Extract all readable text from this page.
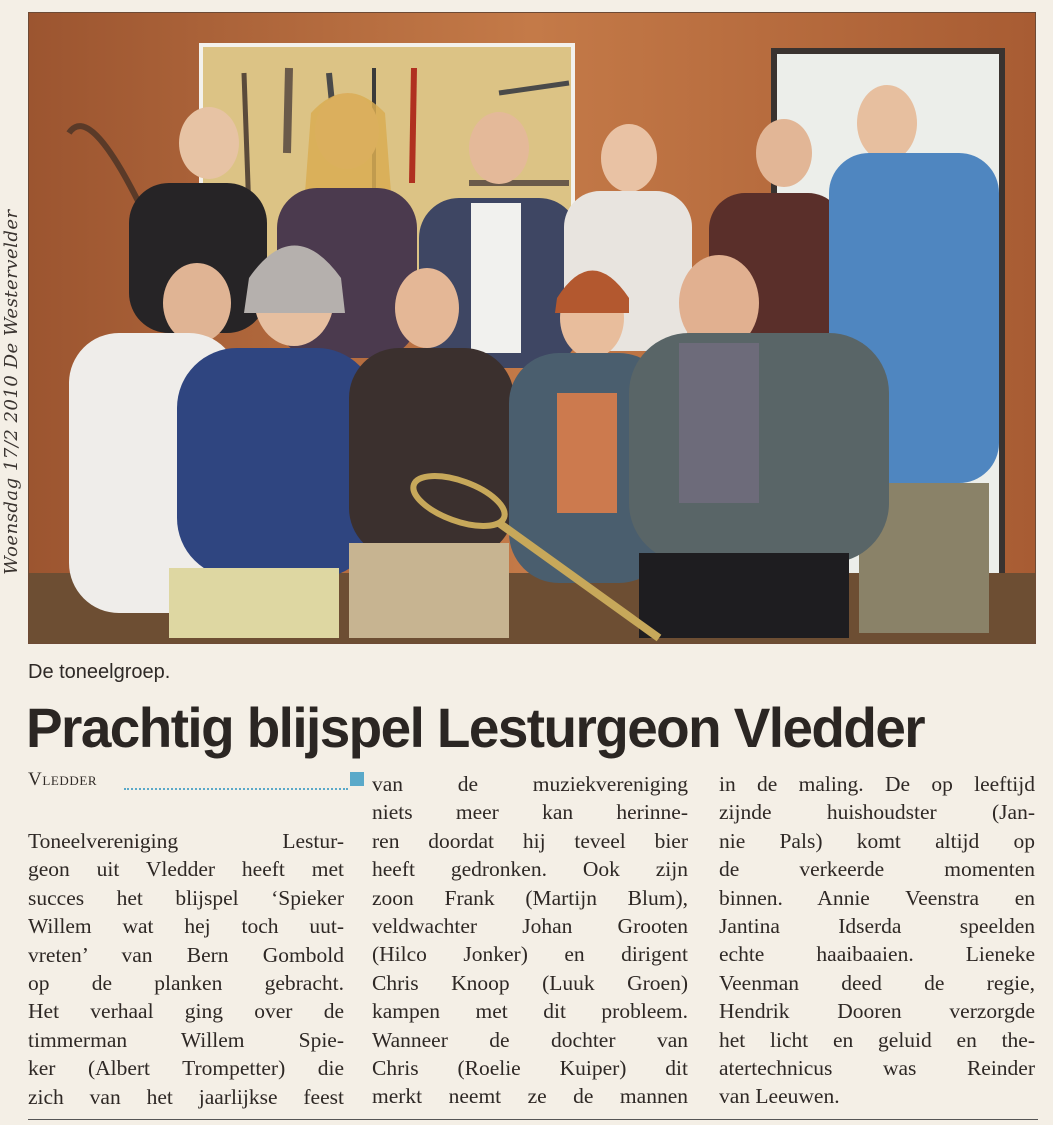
Woensdag 17/2 2010 De Westervelder
De toneelgroep.
Prachtig blijspel Lesturgeon Vledder
Vledder
Toneelvereniging Lestur-
geon uit Vledder heeft met
succes het blijspel ‘Spieker
Willem wat hej toch uut-
vreten’ van Bern Gombold
op de planken gebracht.
Het verhaal ging over de
timmerman Willem Spie-
ker (Albert Trompetter) die
zich van het jaarlijkse feest
van de muziekvereniging
niets meer kan herinne-
ren doordat hij teveel bier
heeft gedronken. Ook zijn
zoon Frank (Martijn Blum),
veldwachter Johan Grooten
(Hilco Jonker) en dirigent
Chris Knoop (Luuk Groen)
kampen met dit probleem.
Wanneer de dochter van
Chris (Roelie Kuiper) dit
merkt neemt ze de mannen
in de maling. De op leeftijd
zijnde huishoudster (Jan-
nie Pals) komt altijd op
de verkeerde momenten
binnen. Annie Veenstra en
Jantina Idserda speelden
echte haaibaaien. Lieneke
Veenman deed de regie,
Hendrik Dooren verzorgde
het licht en geluid en the-
atertechnicus was Reinder
van Leeuwen.
